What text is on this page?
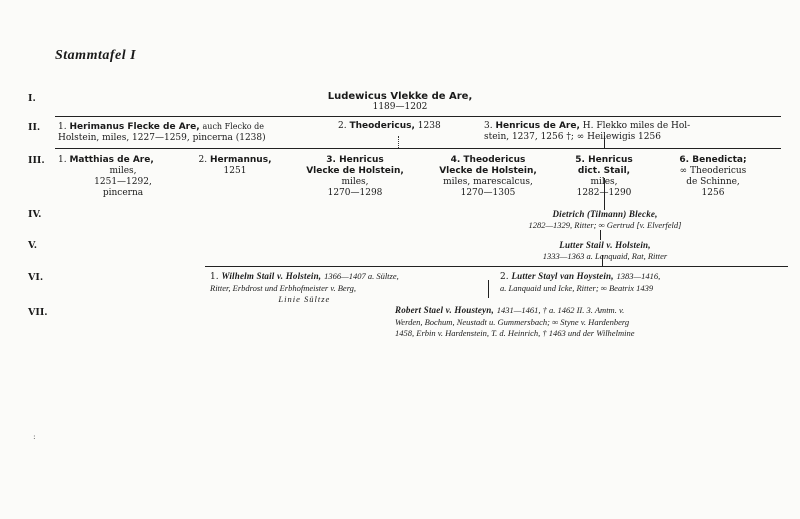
Stammtafel I
I.
II.
III.
IV.
V.
VI.
VII.
Ludewicus Vlekke de Are,
1189—1202
1. Herimanus Flecke de Are, auch Flecko de
Holstein, miles, 1227—1259, pincerna (1238)
2. Theodericus, 1238	3. Henricus de Are, H. Flekko miles de Hol-
stein, 1237, 1256 †; ∞ Heilewigis 1256
1. Matthias de Are,
miles,
1251—1292,
pincerna
2. Hermannus,
1251
3. Henricus
Vlecke de Holstein,
miles,
1270—1298
4. Theodericus
Vlecke de Holstein,
miles, marescalcus,
1270—1305
5. Henricus
dict. Stail,
miles,
1282—1290
6. Benedicta;
∞ Theodericus
de Schinne,
1256
Dietrich (Tilmann) Blecke,
1282—1329, Ritter; ∞ Gertrud [v. Elverfeld]
Lutter Stail v. Holstein,
1333—1363 a. Lanquaid, Rat, Ritter
1. Wilhelm Stail v. Holstein, 1366—1407 a. Sültze,
Ritter, Erbdrost und Erbhofmeister v. Berg,
Linie Sültze
2. Lutter Stayl van Hoystein, 1383—1416,
a. Lanquaid und Icke, Ritter; ∞ Beatrix 1439
Robert Stael v. Housteyn, 1431—1461, † a. 1462 II. 3. Amtm. v.
Werden, Bochum, Neustadt u. Gummersbach; ∞ Styne v. Hardenberg
1458, Erbin v. Hardenstein, T. d. Heinrich, † 1463 und der Wilhelmine
:
